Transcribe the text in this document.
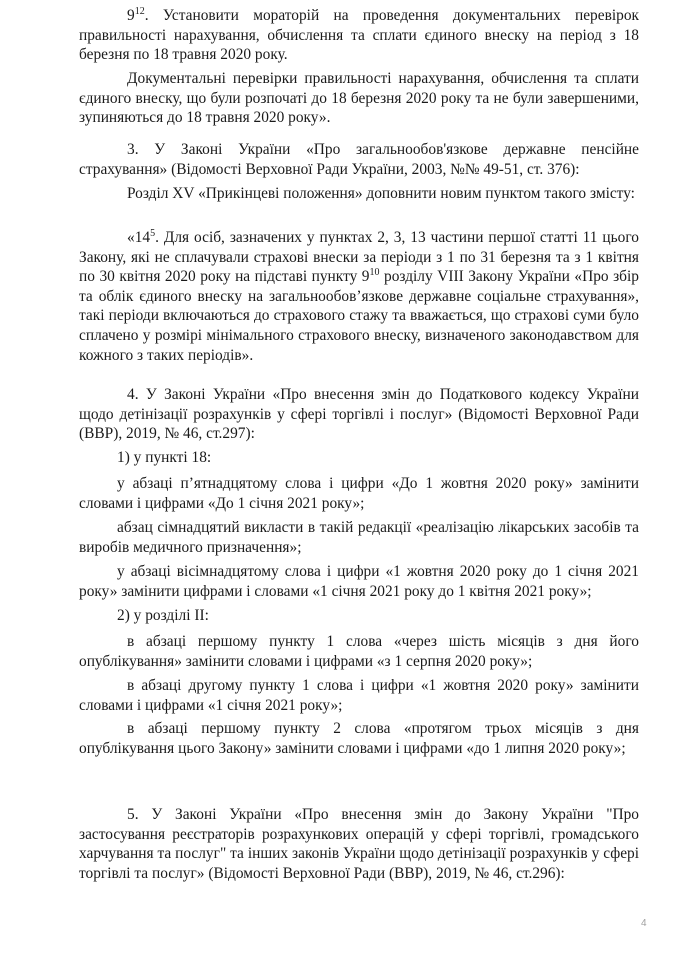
$9^{12}$. Установити мораторій на проведення документальних перевірок правильності нарахування, обчислення та сплати єдиного внеску на період з 18 березня по 18 травня 2020 року.

Документальні перевірки правильності нарахування, обчислення та сплати єдиного внеску, що були розпочаті до 18 березня 2020 року та не були завершеними, зупиняються до 18 травня 2020 року».

3. У Законі України «Про загальнообов'язкове державне пенсійне страхування» (Відомості Верховної Ради України, 2003, №№ 49-51, ст. 376):

Розділ XV «Прикінцеві положення» доповнити новим пунктом такого змісту:

«$14^5$. Для осіб, зазначених у пунктах 2, 3, 13 частини першої статті 11 цього Закону, які не сплачували страхові внески за періоди з 1 по 31 березня та з 1 квітня по 30 квітня 2020 року на підставі пункту $9^{10}$ розділу VIII Закону України «Про збір та облік єдиного внеску на загальнообов’язкове державне соціальне страхування», такі періоди включаються до страхового стажу та вважається, що страхові суми було сплачено у розмірі мінімального страхового внеску, визначеного законодавством для кожного з таких періодів».

4. У Законі України «Про внесення змін до Податкового кодексу України щодо детінізації розрахунків у сфері торгівлі і послуг» (Відомості Верховної Ради (ВВР), 2019, № 46, ст.297):

1) у пункті 18:

у абзаці п’ятнадцятому слова і цифри «До 1 жовтня 2020 року» замінити словами і цифрами «До 1 січня 2021 року»;

абзац сімнадцятий викласти в такій редакції «реалізацію лікарських засобів та виробів медичного призначення»;

у абзаці вісімнадцятому слова і цифри «1 жовтня 2020 року до 1 січня 2021 року» замінити цифрами і словами «1 січня 2021 року до 1 квітня 2021 року»;

2) у розділі ІІ:

в абзаці першому пункту 1 слова «через шість місяців з дня його опублікування» замінити словами і цифрами «з 1 серпня 2020 року»;

в абзаці другому пункту 1 слова і цифри «1 жовтня 2020 року» замінити словами і цифрами «1 січня 2021 року»;

в абзаці першому пункту 2 слова «протягом трьох місяців з дня опублікування цього Закону» замінити словами і цифрами «до 1 липня 2020 року»;

5. У Законі України «Про внесення змін до Закону України "Про застосування реєстраторів розрахункових операцій у сфері торгівлі, громадського харчування та послуг" та інших законів України щодо детінізації розрахунків у сфері торгівлі та послуг» (Відомості Верховної Ради (ВВР), 2019, № 46, ст.296):

4
